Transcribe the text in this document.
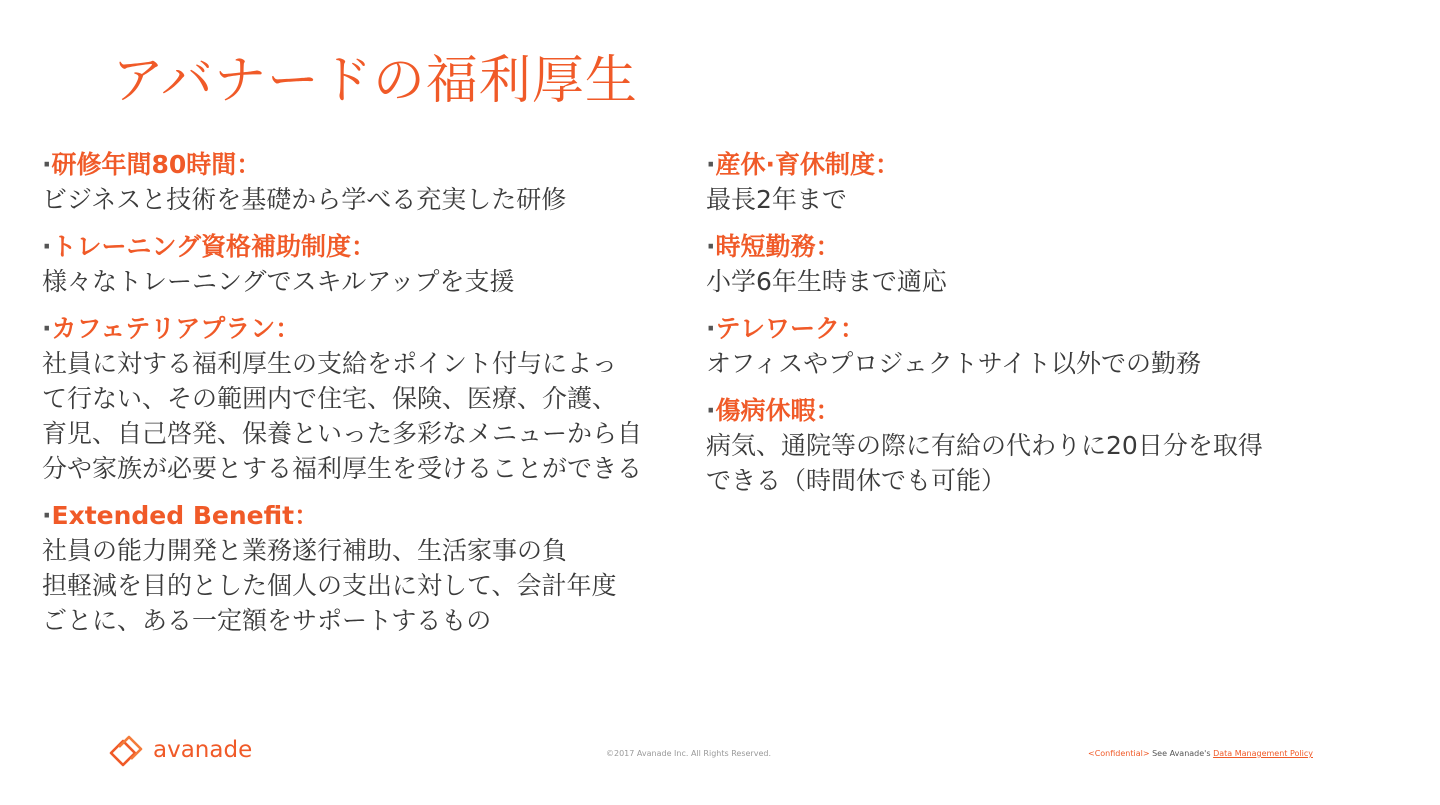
アバナードの福利厚生

·研修年間80時間：

ビジネスと技術を基礎から学べる充実した研修

·トレーニング資格補助制度：

様々なトレーニングでスキルアップを支援

·カフェテリアプラン：

社員に対する福利厚生の支給をポイント付与によっ
て行ない、その範囲内で住宅、保険、医療、介護、
育児、自己啓発、保養といった多彩なメニューから自
分や家族が必要とする福利厚生を受けることができる

·Extended Benefit：

社員の能力開発と業務遂行補助、生活家事の負
担軽減を目的とした個人の支出に対して、会計年度
ごとに、ある一定額をサポートするもの

·産休·育休制度：

最長2年まで

·時短勤務：

小学6年生時まで適応

·テレワーク：

オフィスやプロジェクトサイト以外での勤務

·傷病休暇：

病気、通院等の際に有給の代わりに20日分を取得
できる（時間休でも可能）

avanade	©2017 Avanade Inc. All Rights Reserved.	<Confidential> See Avanade's Data Management Policy
